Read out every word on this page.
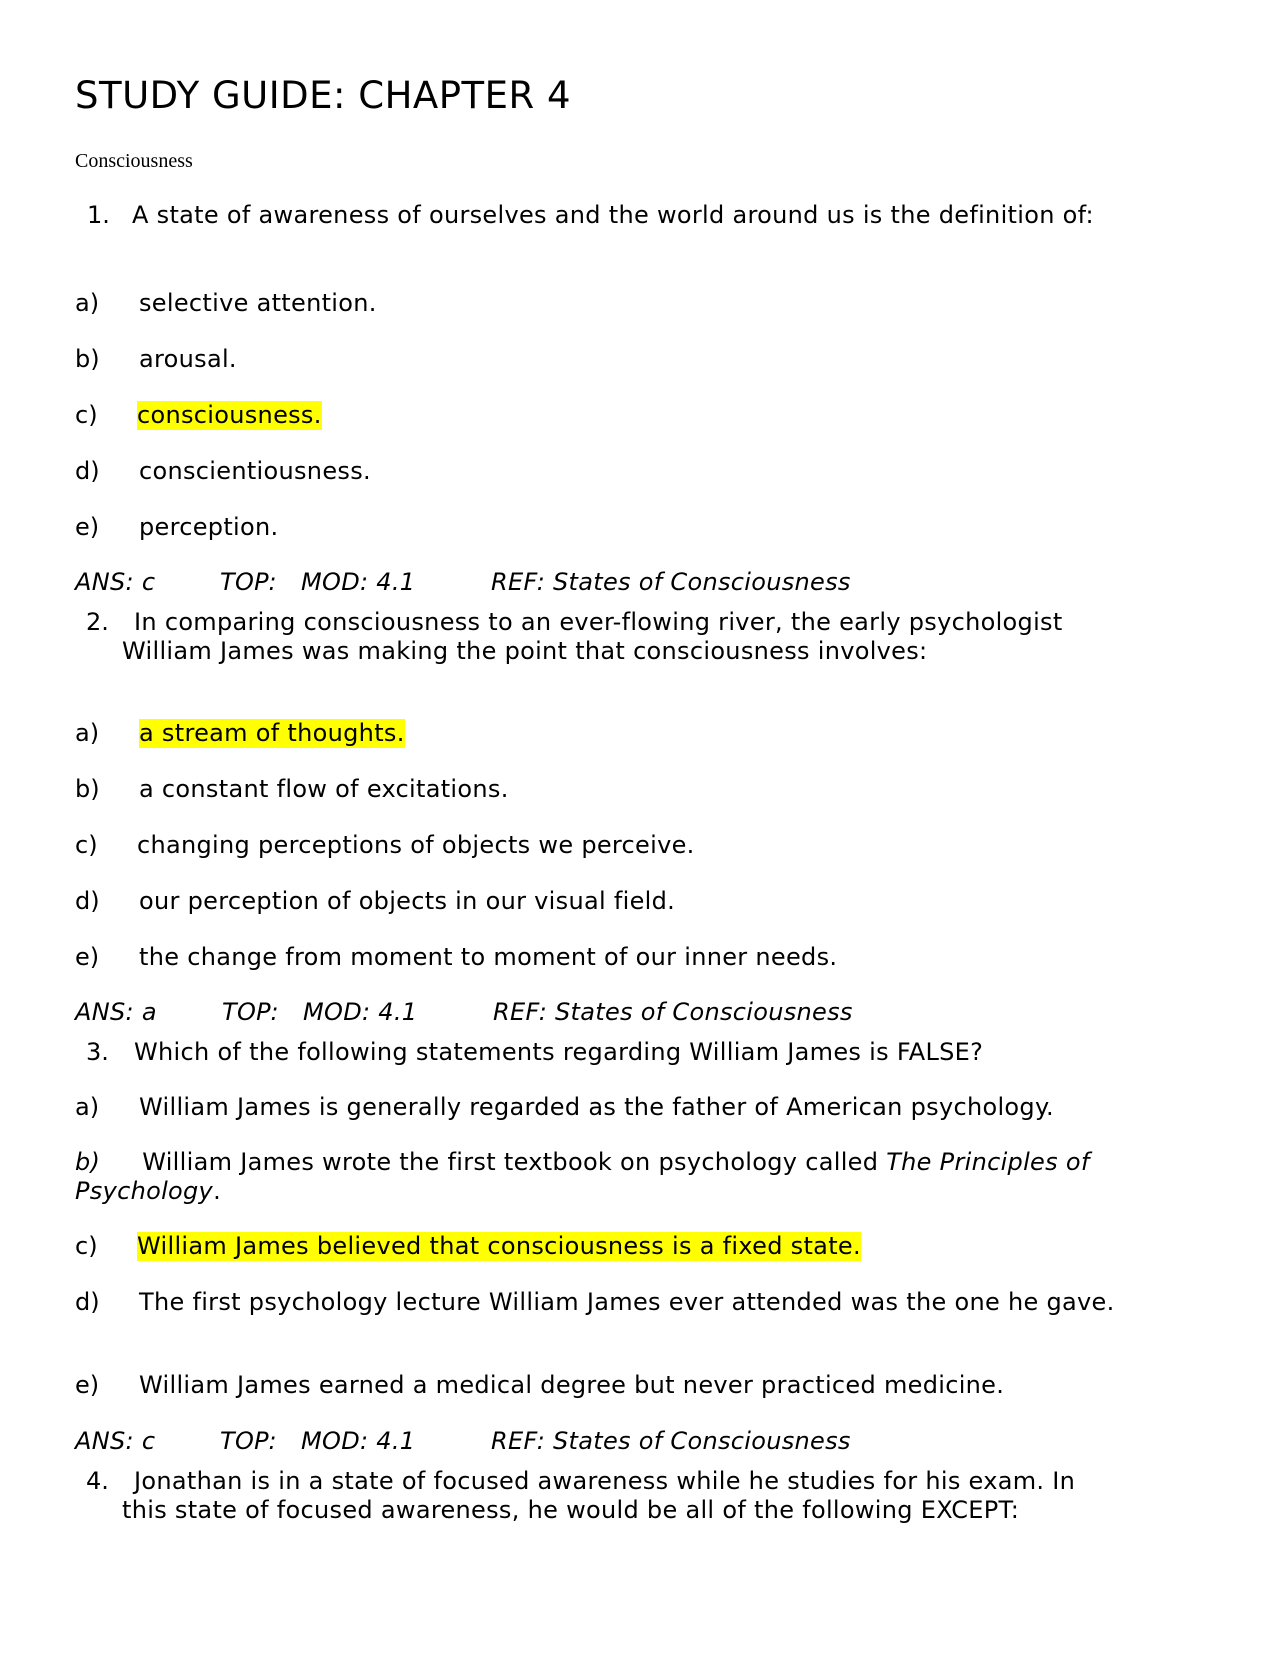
STUDY GUIDE: CHAPTER 4
Consciousness
1. A state of awareness of ourselves and the world around us is the definition of:
a) selective attention.
b) arousal.
c) consciousness.
d) conscientiousness.
e) perception.
ANS: c	TOP: MOD: 4.1	REF: States of Consciousness
2.	In comparing consciousness to an ever-flowing river, the early psychologist William James was making the point that consciousness involves:
a) a stream of thoughts.
b) a constant flow of excitations.
c) changing perceptions of objects we perceive.
d) our perception of objects in our visual field.
e) the change from moment to moment of our inner needs.
ANS: a	TOP: MOD: 4.1	REF: States of Consciousness
3. Which of the following statements regarding William James is FALSE?
a) William James is generally regarded as the father of American psychology.
b) William James wrote the first textbook on psychology called The Principles of Psychology.
c) William James believed that consciousness is a fixed state.
d) The first psychology lecture William James ever attended was the one he gave.
e) William James earned a medical degree but never practiced medicine.
ANS: c	TOP: MOD: 4.1	REF: States of Consciousness
4.	Jonathan is in a state of focused awareness while he studies for his exam. In this state of focused awareness, he would be all of the following EXCEPT:
